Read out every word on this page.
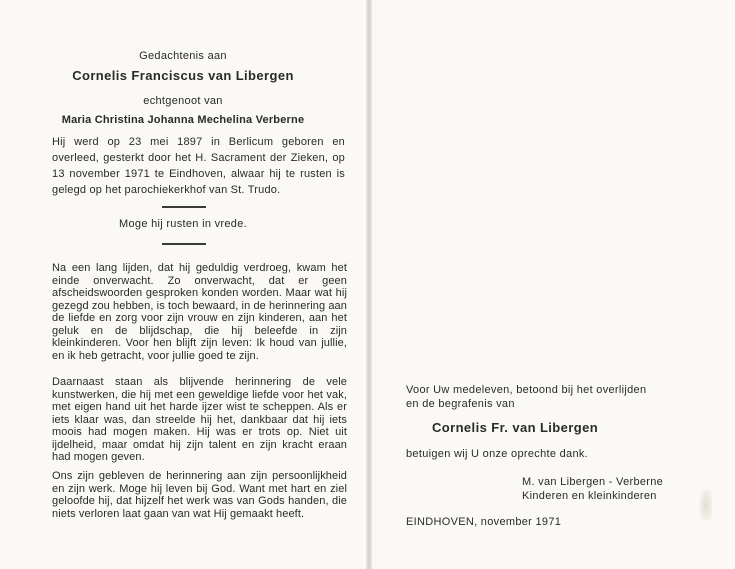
Gedachtenis aan
Cornelis Franciscus van Libergen
echtgenoot van
Maria Christina Johanna Mechelina Verberne
Hij werd op 23 mei 1897 in Berlicum geboren en overleed, gesterkt door het H. Sacrament der Zieken, op 13 november 1971 te Eindhoven, alwaar hij te rusten is gelegd op het parochiekerkhof van St. Trudo.
Moge hij rusten in vrede.
Na een lang lijden, dat hij geduldig verdroeg, kwam het einde onverwacht. Zo onverwacht, dat er geen afscheidswoorden gesproken konden worden. Maar wat hij gezegd zou hebben, is toch bewaard, in de herinnering aan de liefde en zorg voor zijn vrouw en zijn kinderen, aan het geluk en de blijdschap, die hij beleefde in zijn kleinkinderen. Voor hen blijft zijn leven: Ik houd van jullie, en ik heb getracht, voor jullie goed te zijn.
Daarnaast staan als blijvende herinnering de vele kunstwerken, die hij met een geweldige liefde voor het vak, met eigen hand uit het harde ijzer wist te scheppen. Als er iets klaar was, dan streelde hij het, dankbaar dat hij iets moois had mogen maken. Hij was er trots op. Niet uit ijdelheid, maar omdat hij zijn talent en zijn kracht eraan had mogen geven.
Ons zijn gebleven de herinnering aan zijn persoonlijkheid en zijn werk. Moge hij leven bij God. Want met hart en ziel geloofde hij, dat hijzelf het werk was van Gods handen, die niets verloren laat gaan van wat Hij gemaakt heeft.
Voor Uw medeleven, betoond bij het overlijden
en de begrafenis van
Cornelis Fr. van Libergen
betuigen wij U onze oprechte dank.
M. van Libergen - Verberne
Kinderen en kleinkinderen
EINDHOVEN, november 1971
